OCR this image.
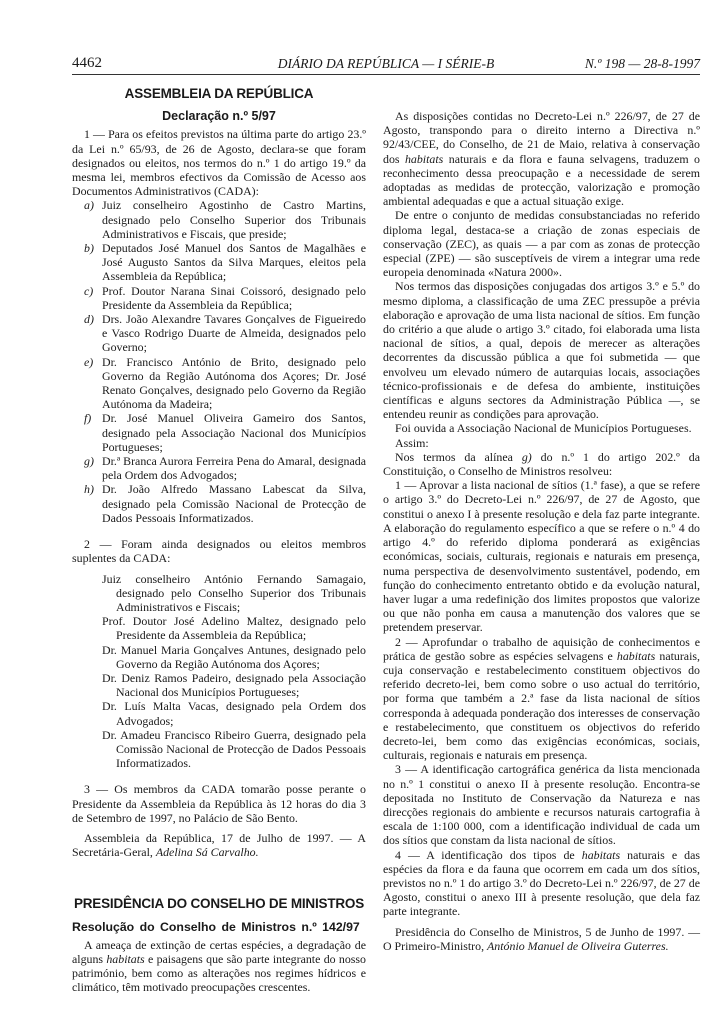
4462	DIÁRIO DA REPÚBLICA — I SÉRIE-B	N.º 198 — 28-8-1997
ASSEMBLEIA DA REPÚBLICA
Declaração n.º 5/97

1 — Para os efeitos previstos na última parte do artigo 23.º da Lei n.º 65/93, de 26 de Agosto, declara-se que foram designados ou eleitos, nos termos do n.º 1 do artigo 19.º da mesma lei, membros efectivos da Comissão de Acesso aos Documentos Administrativos (CADA):

a) Juiz conselheiro Agostinho de Castro Martins, designado pelo Conselho Superior dos Tribunais Administrativos e Fiscais, que preside;
b) Deputados José Manuel dos Santos de Magalhães e José Augusto Santos da Silva Marques, eleitos pela Assembleia da República;
c) Prof. Doutor Narana Sinai Coissoró, designado pelo Presidente da Assembleia da República;
d) Drs. João Alexandre Tavares Gonçalves de Figueiredo e Vasco Rodrigo Duarte de Almeida, designados pelo Governo;
e) Dr. Francisco António de Brito, designado pelo Governo da Região Autónoma dos Açores; Dr. José Renato Gonçalves, designado pelo Governo da Região Autónoma da Madeira;
f) Dr. José Manuel Oliveira Gameiro dos Santos, designado pela Associação Nacional dos Municípios Portugueses;
g) Dr.ª Branca Aurora Ferreira Pena do Amaral, designada pela Ordem dos Advogados;
h) Dr. João Alfredo Massano Labescat da Silva, designado pela Comissão Nacional de Protecção de Dados Pessoais Informatizados.

2 — Foram ainda designados ou eleitos membros suplentes da CADA:

Juiz conselheiro António Fernando Samagaio, designado pelo Conselho Superior dos Tribunais Administrativos e Fiscais;
Prof. Doutor José Adelino Maltez, designado pelo Presidente da Assembleia da República;
Dr. Manuel Maria Gonçalves Antunes, designado pelo Governo da Região Autónoma dos Açores;
Dr. Deniz Ramos Padeiro, designado pela Associação Nacional dos Municípios Portugueses;
Dr. Luís Malta Vacas, designado pela Ordem dos Advogados;
Dr. Amadeu Francisco Ribeiro Guerra, designado pela Comissão Nacional de Protecção de Dados Pessoais Informatizados.

3 — Os membros da CADA tomarão posse perante o Presidente da Assembleia da República às 12 horas do dia 3 de Setembro de 1997, no Palácio de São Bento.

Assembleia da República, 17 de Julho de 1997. — A Secretária-Geral, Adelina Sá Carvalho.

PRESIDÊNCIA DO CONSELHO DE MINISTROS
Resolução do Conselho de Ministros n.º 142/97

A ameaça de extinção de certas espécies, a degradação de alguns habitats e paisagens que são parte integrante do nosso património, bem como as alterações nos regimes hídricos e climático, têm motivado preocupações crescentes.

As disposições contidas no Decreto-Lei n.º 226/97, de 27 de Agosto, transpondo para o direito interno a Directiva n.º 92/43/CEE, do Conselho, de 21 de Maio, relativa à conservação dos habitats naturais e da flora e fauna selvagens, traduzem o reconhecimento dessa preocupação e a necessidade de serem adoptadas as medidas de protecção, valorização e promoção ambiental adequadas e que a actual situação exige.

De entre o conjunto de medidas consubstanciadas no referido diploma legal, destaca-se a criação de zonas especiais de conservação (ZEC), as quais — a par com as zonas de protecção especial (ZPE) — são susceptíveis de virem a integrar uma rede europeia denominada «Natura 2000».

Nos termos das disposições conjugadas dos artigos 3.º e 5.º do mesmo diploma, a classificação de uma ZEC pressupõe a prévia elaboração e aprovação de uma lista nacional de sítios. Em função do critério a que alude o artigo 3.º citado, foi elaborada uma lista nacional de sítios, a qual, depois de merecer as alterações decorrentes da discussão pública a que foi submetida — que envolveu um elevado número de autarquias locais, associações técnico-profissionais e de defesa do ambiente, instituições científicas e alguns sectores da Administração Pública —, se entendeu reunir as condições para aprovação.

Foi ouvida a Associação Nacional de Municípios Portugueses.

Assim:

Nos termos da alínea g) do n.º 1 do artigo 202.º da Constituição, o Conselho de Ministros resolveu:

1 — Aprovar a lista nacional de sítios (1.ª fase), a que se refere o artigo 3.º do Decreto-Lei n.º 226/97, de 27 de Agosto, que constitui o anexo I à presente resolução e dela faz parte integrante. A elaboração do regulamento específico a que se refere o n.º 4 do artigo 4.º do referido diploma ponderará as exigências económicas, sociais, culturais, regionais e naturais em presença, numa perspectiva de desenvolvimento sustentável, podendo, em função do conhecimento entretanto obtido e da evolução natural, haver lugar a uma redefinição dos limites propostos que valorize ou que não ponha em causa a manutenção dos valores que se pretendem preservar.

2 — Aprofundar o trabalho de aquisição de conhecimentos e prática de gestão sobre as espécies selvagens e habitats naturais, cuja conservação e restabelecimento constituem objectivos do referido decreto-lei, bem como sobre o uso actual do território, por forma que também a 2.ª fase da lista nacional de sítios corresponda à adequada ponderação dos interesses de conservação e restabelecimento, que constituem os objectivos do referido decreto-lei, bem como das exigências económicas, sociais, culturais, regionais e naturais em presença.

3 — A identificação cartográfica genérica da lista mencionada no n.º 1 constitui o anexo II à presente resolução. Encontra-se depositada no Instituto de Conservação da Natureza e nas direcções regionais do ambiente e recursos naturais cartografia à escala de 1:100 000, com a identificação individual de cada um dos sítios que constam da lista nacional de sítios.

4 — A identificação dos tipos de habitats naturais e das espécies da flora e da fauna que ocorrem em cada um dos sítios, previstos no n.º 1 do artigo 3.º do Decreto-Lei n.º 226/97, de 27 de Agosto, constitui o anexo III à presente resolução, que dela faz parte integrante.

Presidência do Conselho de Ministros, 5 de Junho de 1997. — O Primeiro-Ministro, António Manuel de Oliveira Guterres.
